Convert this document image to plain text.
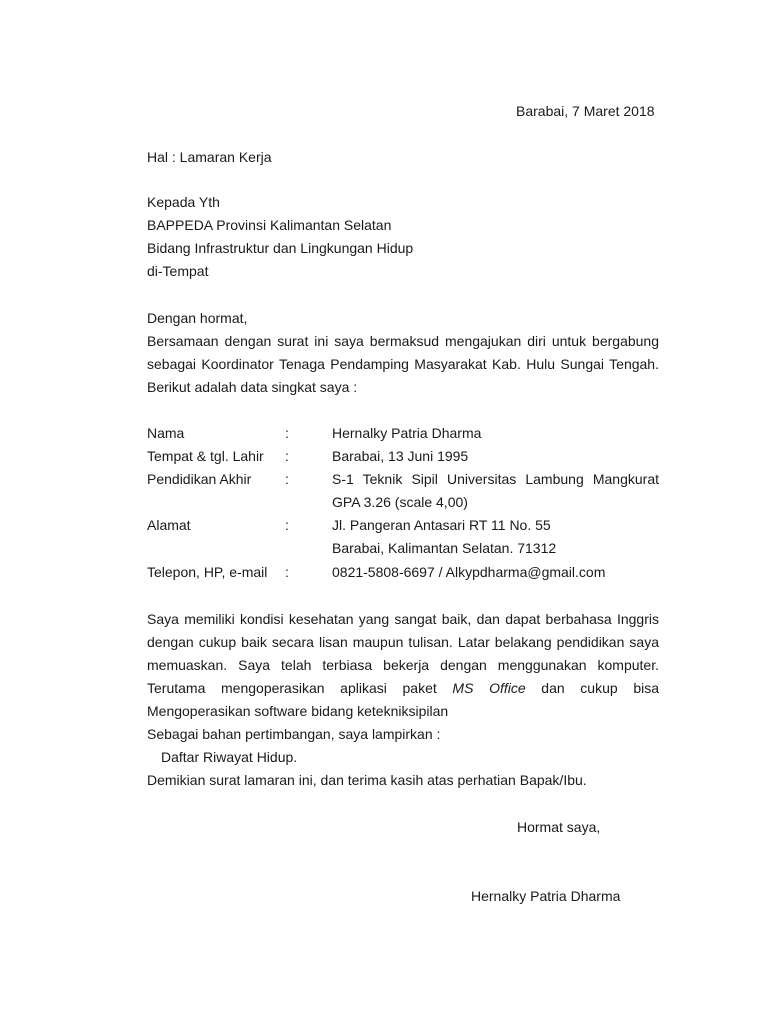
Barabai, 7 Maret 2018
Hal : Lamaran Kerja

Kepada Yth

BAPPEDA Provinsi Kalimantan Selatan

Bidang Infrastruktur dan Lingkungan Hidup

di-Tempat

Dengan hormat,

Bersamaan dengan surat ini saya bermaksud mengajukan diri untuk bergabung

sebagai Koordinator Tenaga Pendamping Masyarakat Kab. Hulu Sungai Tengah.

Berikut adalah data singkat saya :

Nama	:	Hernalky Patria Dharma
Tempat & tgl. Lahir :	Barabai, 13 Juni 1995
Pendidikan Akhir :	S-1 Teknik Sipil Universitas Lambung Mangkurat
GPA 3.26 (scale 4,00)
Alamat	:	Jl. Pangeran Antasari RT 11 No. 55
Barabai, Kalimantan Selatan. 71312
Telepon, HP, e-mail :	0821-5808-6697 / Alkypdharma@gmail.com

Saya memiliki kondisi kesehatan yang sangat baik, dan dapat berbahasa Inggris

dengan cukup baik secara lisan maupun tulisan. Latar belakang pendidikan saya

memuaskan. Saya telah terbiasa bekerja dengan menggunakan komputer.

Terutama mengoperasikan aplikasi paket MS Office dan cukup bisa

Mengoperasikan software bidang ketekniksipilan

Sebagai bahan pertimbangan, saya lampirkan :

Daftar Riwayat Hidup.

Demikian surat lamaran ini, dan terima kasih atas perhatian Bapak/Ibu.

Hormat saya,
Hernalky Patria Dharma
